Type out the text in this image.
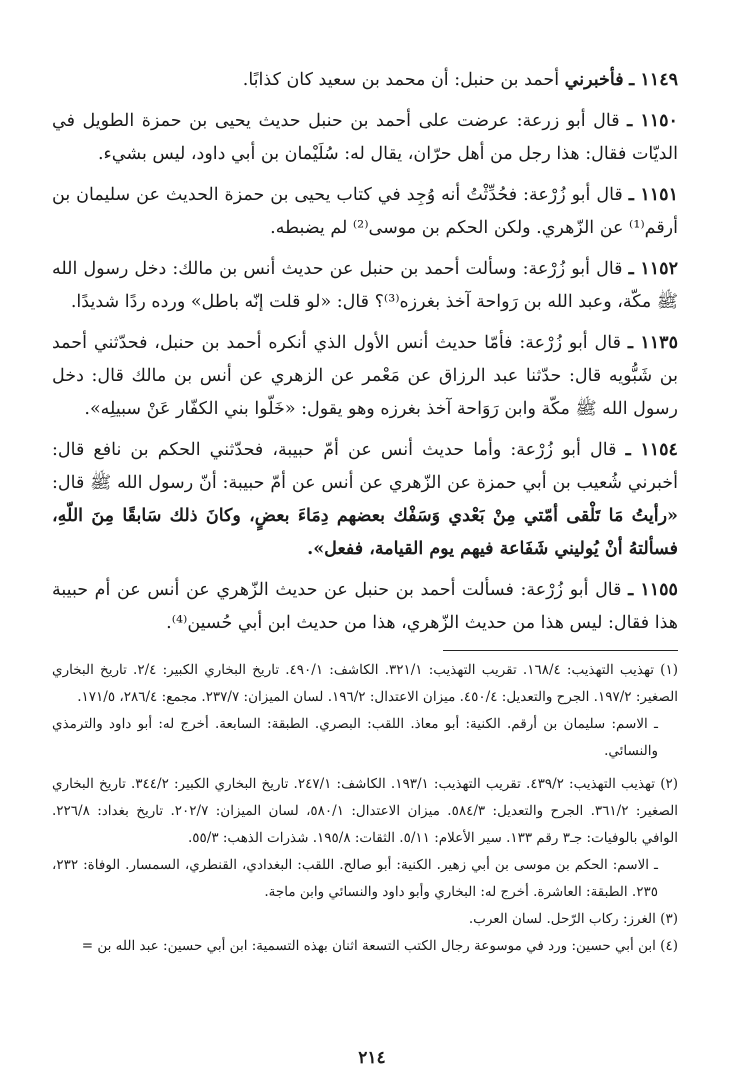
١١٤٩ ـ فأخبرني أحمد بن حنبل: أن محمد بن سعيد كان كذابًا.

١١٥٠ ـ قال أبو زرعة: عرضت على أحمد بن حنبل حديث يحيى بن حمزة الطويل في الديّات فقال: هذا رجل من أهل حرّان، يقال له: سُلَيْمان بن أبي داود، ليس بشيء.

١١٥١ ـ قال أبو زُرْعة: فحُدِّثْتُ أنه وُجِد في كتاب يحيى بن حمزة الحديث عن سليمان بن أرقم⁽¹⁾ عن الزّهري. ولكن الحكم بن موسى⁽²⁾ لم يضبطه.

١١٥٢ ـ قال أبو زُرْعة: وسألت أحمد بن حنبل عن حديث أنس بن مالك: دخل رسول الله ﷺ مكّة، وعبد الله بن رَواحة آخذ بغرزه⁽³⁾؟ قال: «لو قلت إنّه باطل» ورده ردًا شديدًا.

١١٣٥ ـ قال أبو زُرْعة: فأمّا حديث أنس الأول الذي أنكره أحمد بن حنبل، فحدّثني أحمد بن شَبُّويه قال: حدّثنا عبد الرزاق عن مَعْمر عن الزهري عن أنس بن مالك قال: دخل رسول الله ﷺ مكّة وابن رَوَاحة آخذ بغرزه وهو يقول: «خَلّوا بني الكفّار عَنْ سبيلِه».

١١٥٤ ـ قال أبو زُرْعة: وأما حديث أنس عن أمّ حبيبة، فحدّثني الحكم بن نافع قال: أخبرني شُعيب بن أبي حمزة عن الزّهري عن أنس عن أمّ حبيبة: أنّ رسول الله ﷺ قال: «رأيتُ مَا تَلْقى أمّتي مِنْ بَعْدي وَسَفْك بعضهم دِمَاءَ بعضٍ، وكانَ ذلك سَابقًا مِنَ اللّهِ، فسألتهُ أنْ يُوليني شَفَاعة فيهم يوم القيامة، ففعل».

١١٥٥ ـ قال أبو زُرْعة: فسألت أحمد بن حنبل عن حديث الزّهري عن أنس عن أم حبيبة هذا فقال: ليس هذا من حديث الزّهري، هذا من حديث ابن أبي حُسين⁽⁴⁾.

(١) تهذيب التهذيب: ١٦٨/٤. تقريب التهذيب: ٣٢١/١. الكاشف: ٤٩٠/١. تاريخ البخاري الكبير: ٢/٤. تاريخ البخاري الصغير: ١٩٧/٢. الجرح والتعديل: ٤٥٠/٤. ميزان الاعتدال: ١٩٦/٢. لسان الميزان: ٢٣٧/٧. مجمع: ٢٨٦/٤، ١٧١/٥.

ـ الاسم: سليمان بن أرقم. الكنية: أبو معاذ. اللقب: البصري. الطبقة: السابعة. أخرج له: أبو داود والترمذي والنسائي.

(٢) تهذيب التهذيب: ٤٣٩/٢. تقريب التهذيب: ١٩٣/١. الكاشف: ٢٤٧/١. تاريخ البخاري الكبير: ٣٤٤/٢. تاريخ البخاري الصغير: ٣٦١/٢. الجرح والتعديل: ٥٨٤/٣. ميزان الاعتدال: ٥٨٠/١، لسان الميزان: ٢٠٢/٧. تاريخ بغداد: ٢٢٦/٨. الوافي بالوفيات: جـ٣ رقم ١٣٣. سير الأعلام: ٥/١١. الثقات: ١٩٥/٨. شذرات الذهب: ٥٥/٣.

ـ الاسم: الحكم بن موسى بن أبي زهير. الكنية: أبو صالح. اللقب: البغدادي، القنطري، السمسار. الوفاة: ٢٣٢، ٢٣٥. الطبقة: العاشرة. أخرج له: البخاري وأبو داود والنسائي وابن ماجة.

(٣) الغرز: ركاب الرّحل. لسان العرب.

(٤) ابن أبي حسين: ورد في موسوعة رجال الكتب التسعة اثنان بهذه التسمية: ابن أبي حسين: عبد الله بن =

٢١٤
